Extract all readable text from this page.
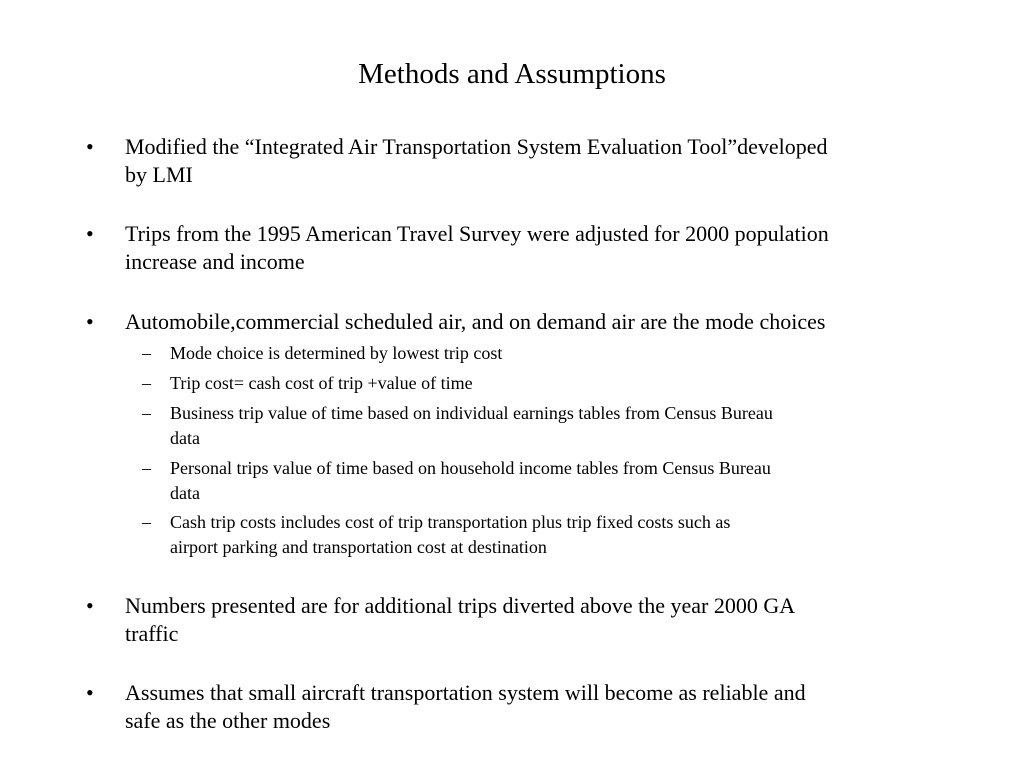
Methods and Assumptions
• Modified the “Integrated Air Transportation System Evaluation Tool”developed
by LMI
• Trips from the 1995 American Travel Survey were adjusted for 2000 population
increase and income
• Automobile,commercial scheduled air, and on demand air are the mode choices
– Mode choice is determined by lowest trip cost
– Trip cost= cash cost of trip +value of time
– Business trip value of time based on individual earnings tables from Census Bureau
data
– Personal trips value of time based on household income tables from Census Bureau
data
– Cash trip costs includes cost of trip transportation plus trip fixed costs such as
airport parking and transportation cost at destination
• Numbers presented are for additional trips diverted above the year 2000 GA
traffic
• Assumes that small aircraft transportation system will become as reliable and
safe as the other modes
